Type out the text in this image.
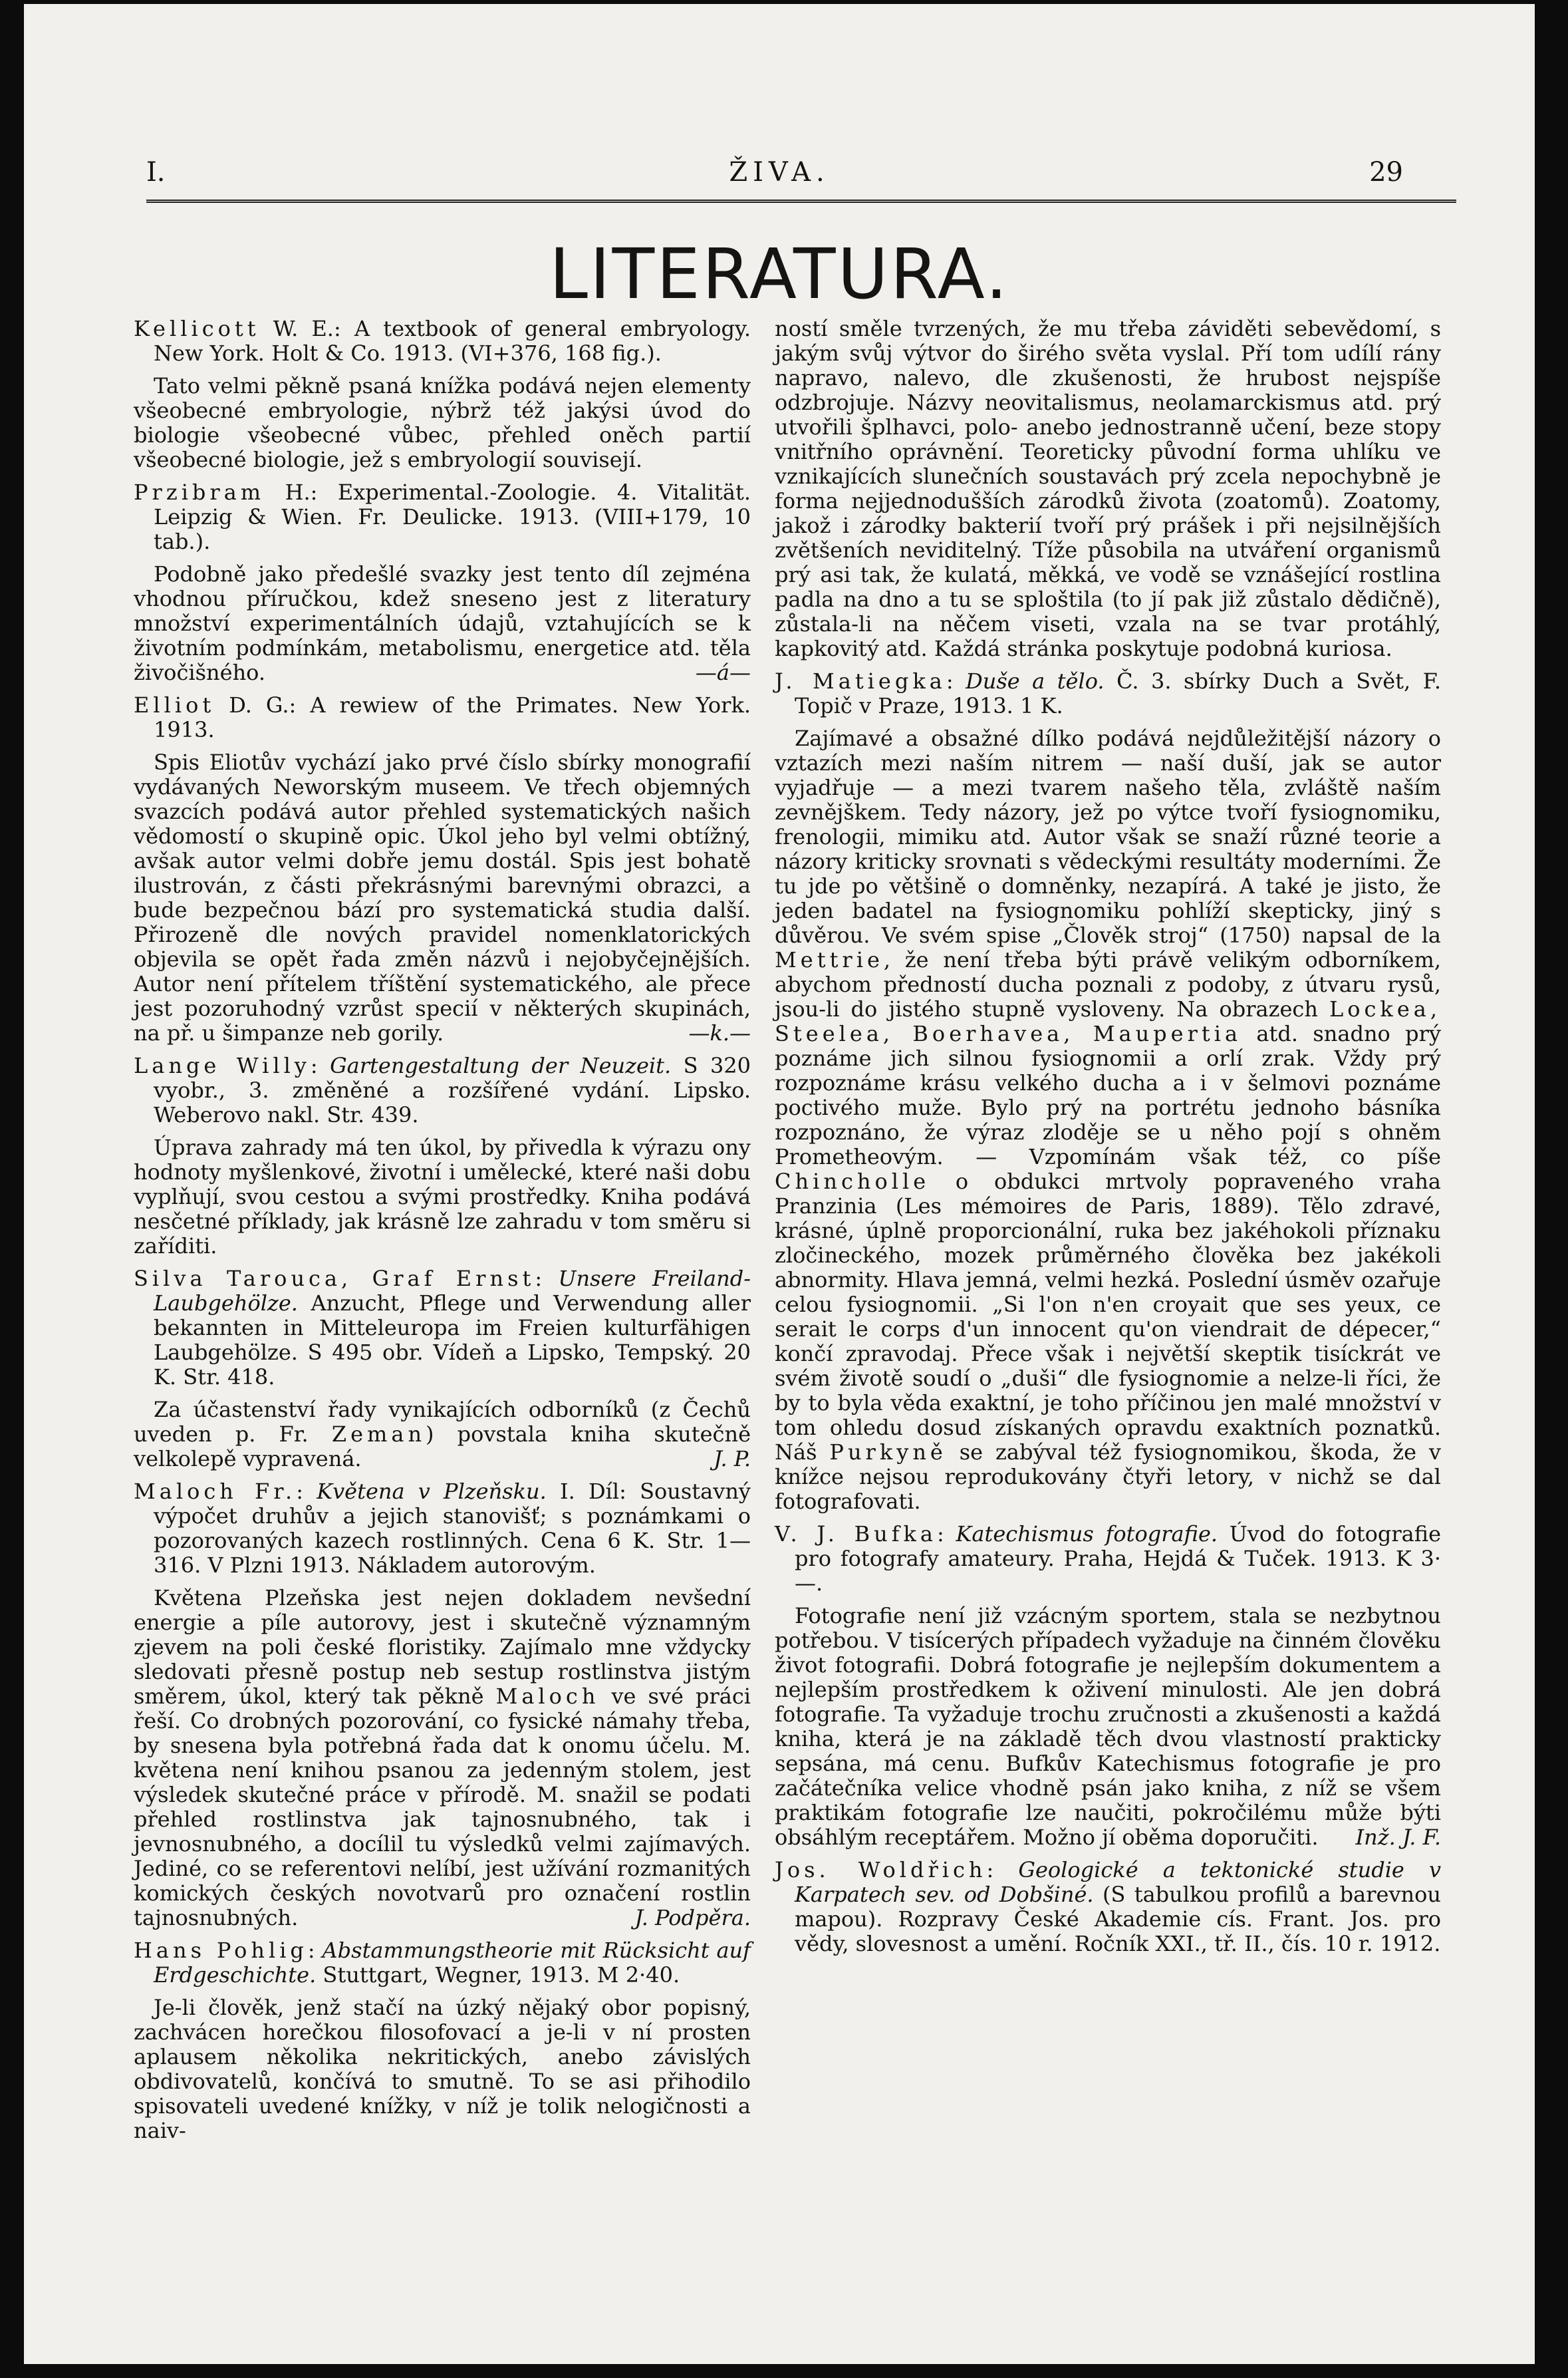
I.	ŽIVA.	29
LITERATURA.

Kellicott W. E.: A textbook of general embryology. New York. Holt & Co. 1913. (VI+376, 168 fig.).

Tato velmi pěkně psaná knížka podává nejen elementy všeobecné embryologie, nýbrž též jakýsi úvod do biologie všeobecné vůbec, přehled oněch partií všeobecné biologie, jež s embryologií souvisejí.

Przibram H.: Experimental.-Zoologie. 4. Vitalität. Leipzig & Wien. Fr. Deulicke. 1913. (VIII+179, 10 tab.).

Podobně jako předešlé svazky jest tento díl zejména vhodnou příručkou, kdež sneseno jest z literatury množství experimentálních údajů, vztahujících se k životním podmínkám, metabolismu, energetice atd. těla živočišného.	—á—

Elliot D. G.: A rewiew of the Primates. New York. 1913.

Spis Eliotův vychází jako prvé číslo sbírky monografií vydávaných Neworským museem. Ve třech objemných svazcích podává autor přehled systematických našich vědomostí o skupině opic. Úkol jeho byl velmi obtížný, avšak autor velmi dobře jemu dostál. Spis jest bohatě ilustrován, z části překrásnými barevnými obrazci, a bude bezpečnou bází pro systematická studia další. Přirozeně dle nových pravidel nomenklatorických objevila se opět řada změn názvů i nejobyčejnějších. Autor není přítelem tříštění systematického, ale přece jest pozoruhodný vzrůst specií v některých skupinách, na př. u šimpanze neb gorily.	—k.—

Lange Willy: Gartengestaltung der Neuzeit. S 320 vyobr., 3. změněné a rozšířené vydání. Lipsko. Weberovo nakl. Str. 439.

Úprava zahrady má ten úkol, by přivedla k výrazu ony hodnoty myšlenkové, životní i umělecké, které naši dobu vyplňují, svou cestou a svými prostředky. Kniha podává nesčetné příklady, jak krásně lze zahradu v tom směru si zaříditi.

Silva Tarouca, Graf Ernst: Unsere Freiland-Laubgehölze. Anzucht, Pflege und Verwendung aller bekannten in Mitteleuropa im Freien kulturfähigen Laubgehölze. S 495 obr. Vídeň a Lipsko, Tempský. 20 K. Str. 418.

Za účastenství řady vynikajících odborníků (z Čechů uveden p. Fr. Zeman) povstala kniha skutečně velkolepě vypravená.	J. P.

Maloch Fr.: Květena v Plzeňsku. I. Díl: Soustavný výpočet druhův a jejich stanovišť; s poznámkami o pozorovaných kazech rostlinných. Cena 6 K. Str. 1—316. V Plzni 1913. Nákladem autorovým.

Květena Plzeňska jest nejen dokladem nevšední energie a píle autorovy, jest i skutečně významným zjevem na poli české floristiky. Zajímalo mne vždycky sledovati přesně postup neb sestup rostlinstva jistým směrem, úkol, který tak pěkně Maloch ve své práci řeší. Co drobných pozorování, co fysické námahy třeba, by snesena byla potřebná řada dat k onomu účelu. M. květena není knihou psanou za jedenným stolem, jest výsledek skutečné práce v přírodě. M. snažil se podati přehled rostlinstva jak tajnosnubného, tak i jevnosnubného, a docílil tu výsledků velmi zajímavých. Jediné, co se referentovi nelíbí, jest užívání rozmanitých komických českých novotvarů pro označení rostlin tajnosnubných.	J. Podpěra.

Hans Pohlig: Abstammungstheorie mit Rücksicht auf Erdgeschichte. Stuttgart, Wegner, 1913. M 2·40.

Je-li člověk, jenž stačí na úzký nějaký obor popisný, zachvácen horečkou filosofovací a je-li v ní prosten aplausem několika nekritických, anebo závislých obdivovatelů, končívá to smutně. To se asi přihodilo spisovateli uvedené knížky, v níž je tolik nelogičnosti a naiv-

ností směle tvrzených, že mu třeba záviděti sebevědomí, s jakým svůj výtvor do širého světa vyslal. Pří tom udílí rány napravo, nalevo, dle zkušenosti, že hrubost nejspíše odzbrojuje. Názvy neovitalismus, neolamarckismus atd. prý utvořili šplhavci, polo- anebo jednostranně učení, beze stopy vnitřního oprávnění. Teoreticky původní forma uhlíku ve vznikajících slunečních soustavách prý zcela nepochybně je forma nejjednodušších zárodků života (zoatomů). Zoatomy, jakož i zárodky bakterií tvoří prý prášek i při nejsilnějších zvětšeních neviditelný. Tíže působila na utváření organismů prý asi tak, že kulatá, měkká, ve vodě se vznášející rostlina padla na dno a tu se sploštila (to jí pak již zůstalo dědičně), zůstala-li na něčem viseti, vzala na se tvar protáhlý, kapkovitý atd. Každá stránka poskytuje podobná kuriosa.

J. Matiegka: Duše a tělo. Č. 3. sbírky Duch a Svět, F. Topič v Praze, 1913. 1 K.

Zajímavé a obsažné dílko podává nejdůležitější názory o vztazích mezi naším nitrem — naší duší, jak se autor vyjadřuje — a mezi tvarem našeho těla, zvláště naším zevnějškem. Tedy názory, jež po výtce tvoří fysiognomiku, frenologii, mimiku atd. Autor však se snaží různé teorie a názory kriticky srovnati s vědeckými resultáty moderními. Že tu jde po většině o domněnky, nezapírá. A také je jisto, že jeden badatel na fysiognomiku pohlíží skepticky, jiný s důvěrou. Ve svém spise „Člověk stroj“ (1750) napsal de la Mettrie, že není třeba býti právě velikým odborníkem, abychom předností ducha poznali z podoby, z útvaru rysů, jsou-li do jistého stupně vysloveny. Na obrazech Lockea, Steelea, Boerhavea, Maupertia atd. snadno prý poznáme jich silnou fysiognomii a orlí zrak. Vždy prý rozpoznáme krásu velkého ducha a i v šelmovi poznáme poctivého muže. Bylo prý na portrétu jednoho básníka rozpoznáno, že výraz zloděje se u něho pojí s ohněm Prometheovým. — Vzpomínám však též, co píše Chincholle o obdukci mrtvoly popraveného vraha Pranzinia (Les mémoires de Paris, 1889). Tělo zdravé, krásné, úplně proporcionální, ruka bez jakéhokoli příznaku zločineckého, mozek průměrného člověka bez jakékoli abnormity. Hlava jemná, velmi hezká. Poslední úsměv ozařuje celou fysiognomii. „Si l'on n'en croyait que ses yeux, ce serait le corps d'un innocent qu'on viendrait de dépecer,“ končí zpravodaj. Přece však i největší skeptik tisíckrát ve svém životě soudí o „duši“ dle fysiognomie a nelze-li říci, že by to byla věda exaktní, je toho příčinou jen malé množství v tom ohledu dosud získaných opravdu exaktních poznatků. Náš Purkyně se zabýval též fysiognomikou, škoda, že v knížce nejsou reprodukovány čtyři letory, v nichž se dal fotografovati.

V. J. Bufka: Katechismus fotografie. Úvod do fotografie pro fotografy amateury. Praha, Hejdá & Tuček. 1913. K 3·—.

Fotografie není již vzácným sportem, stala se nezbytnou potřebou. V tisícerých případech vyžaduje na činném člověku život fotografii. Dobrá fotografie je nejlepším dokumentem a nejlepším prostředkem k oživení minulosti. Ale jen dobrá fotografie. Ta vyžaduje trochu zručnosti a zkušenosti a každá kniha, která je na základě těch dvou vlastností prakticky sepsána, má cenu. Bufkův Katechismus fotografie je pro začátečníka velice vhodně psán jako kniha, z níž se všem praktikám fotografie lze naučiti, pokročilému může býti obsáhlým receptářem. Možno jí oběma doporučiti.	Inž. J. F.

Jos. Woldřich: Geologické a tektonické studie v Karpatech sev. od Dobšiné. (S tabulkou profilů a barevnou mapou). Rozpravy České Akademie cís. Frant. Jos. pro vědy, slovesnost a umění. Ročník XXI., tř. II., čís. 10 r. 1912.
